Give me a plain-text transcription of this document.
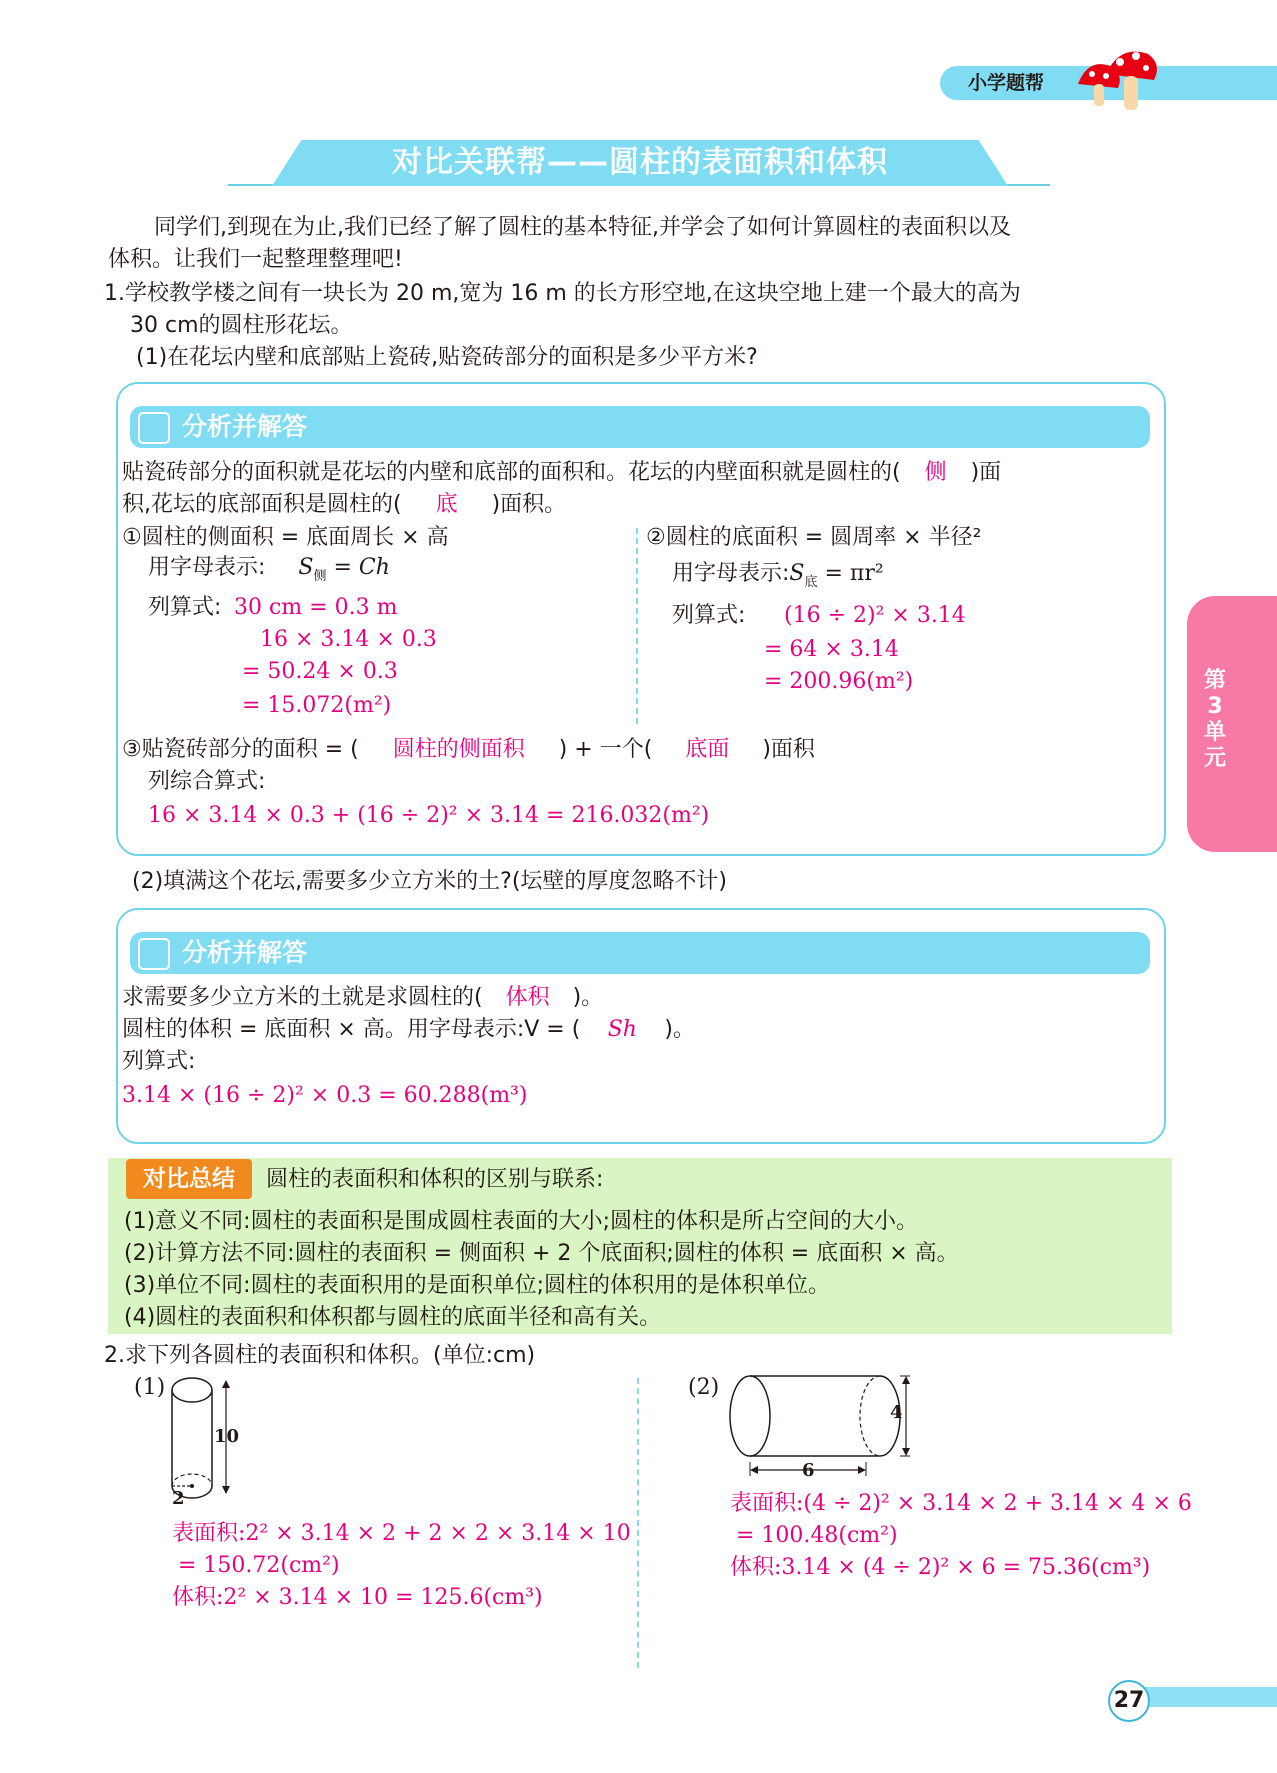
小学题帮
对比关联帮——圆柱的表面积和体积
同学们,到现在为止,我们已经了解了圆柱的基本特征,并学会了如何计算圆柱的表面积以及
体积。让我们一起整理整理吧!
1.学校教学楼之间有一块长为 20 m,宽为 16 m 的长方形空地,在这块空地上建一个最大的高为
30 cm的圆柱形花坛。
(1)在花坛内壁和底部贴上瓷砖,贴瓷砖部分的面积是多少平方米?
分析并解答
贴瓷砖部分的面积就是花坛的内壁和底部的面积和。花坛的内壁面积就是圆柱的( 侧 )面
积,花坛的底部面积是圆柱的( 底 )面积。
①圆柱的侧面积 = 底面周长 × 高
用字母表示: $S_侧 = Ch$
列算式: 30 cm = 0.3 m
16 × 3.14 × 0.3
= 50.24 × 0.3
= 15.072(m²)
②圆柱的底面积 = 圆周率 × 半径²
用字母表示$:S_底 = \pi r^2$
列算式: (16 ÷ 2)² × 3.14
= 64 × 3.14
= 200.96(m²)
③贴瓷砖部分的面积 = ( 圆柱的侧面积 ) + 一个( 底面 )面积
列综合算式:
16 × 3.14 × 0.3 + (16 ÷ 2)² × 3.14 = 216.032(m²)
(2)填满这个花坛,需要多少立方米的土?(坛壁的厚度忽略不计)
分析并解答
求需要多少立方米的土就是求圆柱的( 体积 )。
圆柱的体积 = 底面积 × 高。用字母表示:V = ( Sh )。
列算式:
3.14 × (16 ÷ 2)² × 0.3 = 60.288(m³)
对比总结	圆柱的表面积和体积的区别与联系:
(1)意义不同:圆柱的表面积是围成圆柱表面的大小;圆柱的体积是所占空间的大小。
(2)计算方法不同:圆柱的表面积 = 侧面积 + 2 个底面积;圆柱的体积 = 底面积 × 高。
(3)单位不同:圆柱的表面积用的是面积单位;圆柱的体积用的是体积单位。
(4)圆柱的表面积和体积都与圆柱的底面半径和高有关。
2.求下列各圆柱的表面积和体积。(单位:cm)
(1)
10
2
表面积:2² × 3.14 × 2 + 2 × 2 × 3.14 × 10
= 150.72(cm²)
体积:2² × 3.14 × 10 = 125.6(cm³)
(2)
4
6
表面积:(4 ÷ 2)² × 3.14 × 2 + 3.14 × 4 × 6
= 100.48(cm²)
体积:3.14 × (4 ÷ 2)² × 6 = 75.36(cm³)
第3单元
27
